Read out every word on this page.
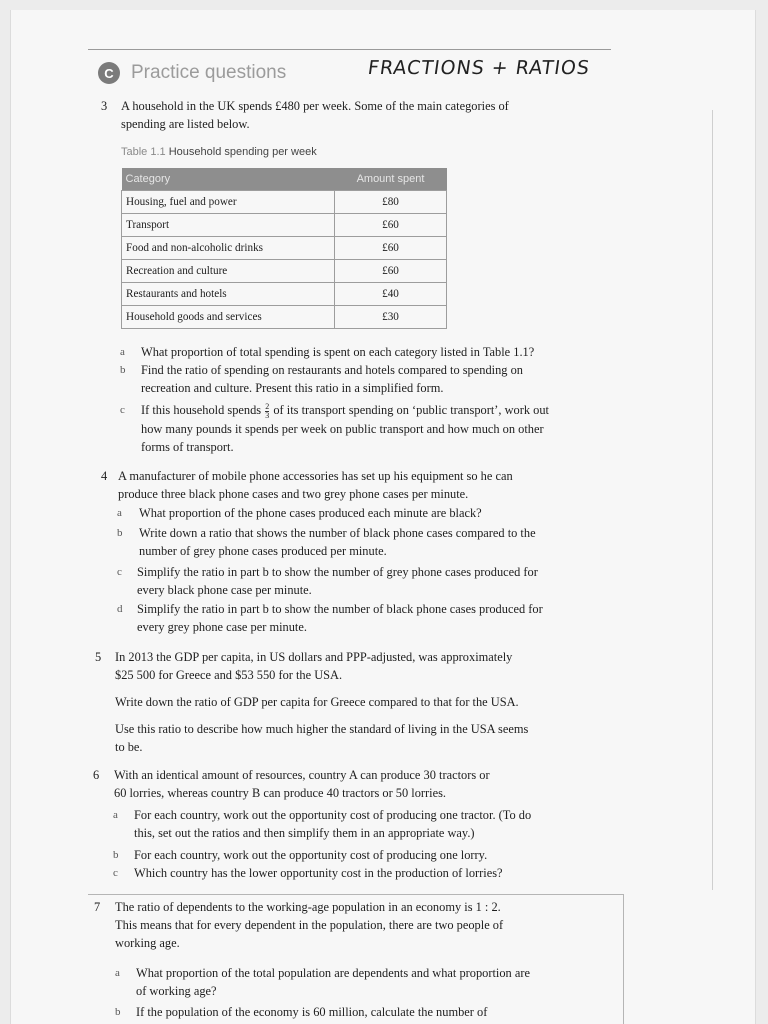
C Practice questions	FRACTIONS + RATIOS
3 A household in the UK spends £480 per week. Some of the main categories of
spending are listed below.
Table 1.1 Household spending per week
Category	Amount spent
Housing, fuel and power	£80
Transport	£60
Food and non-alcoholic drinks	£60
Recreation and culture	£60
Restaurants and hotels	£40
Household goods and services	£30
a What proportion of total spending is spent on each category listed in Table 1.1?
b Find the ratio of spending on restaurants and hotels compared to spending on
recreation and culture. Present this ratio in a simplified form.
c If this household spends $\frac{2}{3}$ of its transport spending on ‘public transport’, work out
how many pounds it spends per week on public transport and how much on other
forms of transport.
4 A manufacturer of mobile phone accessories has set up his equipment so he can
produce three black phone cases and two grey phone cases per minute.
a What proportion of the phone cases produced each minute are black?
b Write down a ratio that shows the number of black phone cases compared to the
number of grey phone cases produced per minute.
c Simplify the ratio in part b to show the number of grey phone cases produced for
every black phone case per minute.
d Simplify the ratio in part b to show the number of black phone cases produced for
every grey phone case per minute.
5 In 2013 the GDP per capita, in US dollars and PPP-adjusted, was approximately
$25 500 for Greece and $53 550 for the USA.
Write down the ratio of GDP per capita for Greece compared to that for the USA.
Use this ratio to describe how much higher the standard of living in the USA seems
to be.
6 With an identical amount of resources, country A can produce 30 tractors or
60 lorries, whereas country B can produce 40 tractors or 50 lorries.
a For each country, work out the opportunity cost of producing one tractor. (To do
this, set out the ratios and then simplify them in an appropriate way.)
b For each country, work out the opportunity cost of producing one lorry.
c Which country has the lower opportunity cost in the production of lorries?
7 The ratio of dependents to the working-age population in an economy is 1 : 2.
This means that for every dependent in the population, there are two people of
working age.
a What proportion of the total population are dependents and what proportion are
of working age?
b If the population of the economy is 60 million, calculate the number of
